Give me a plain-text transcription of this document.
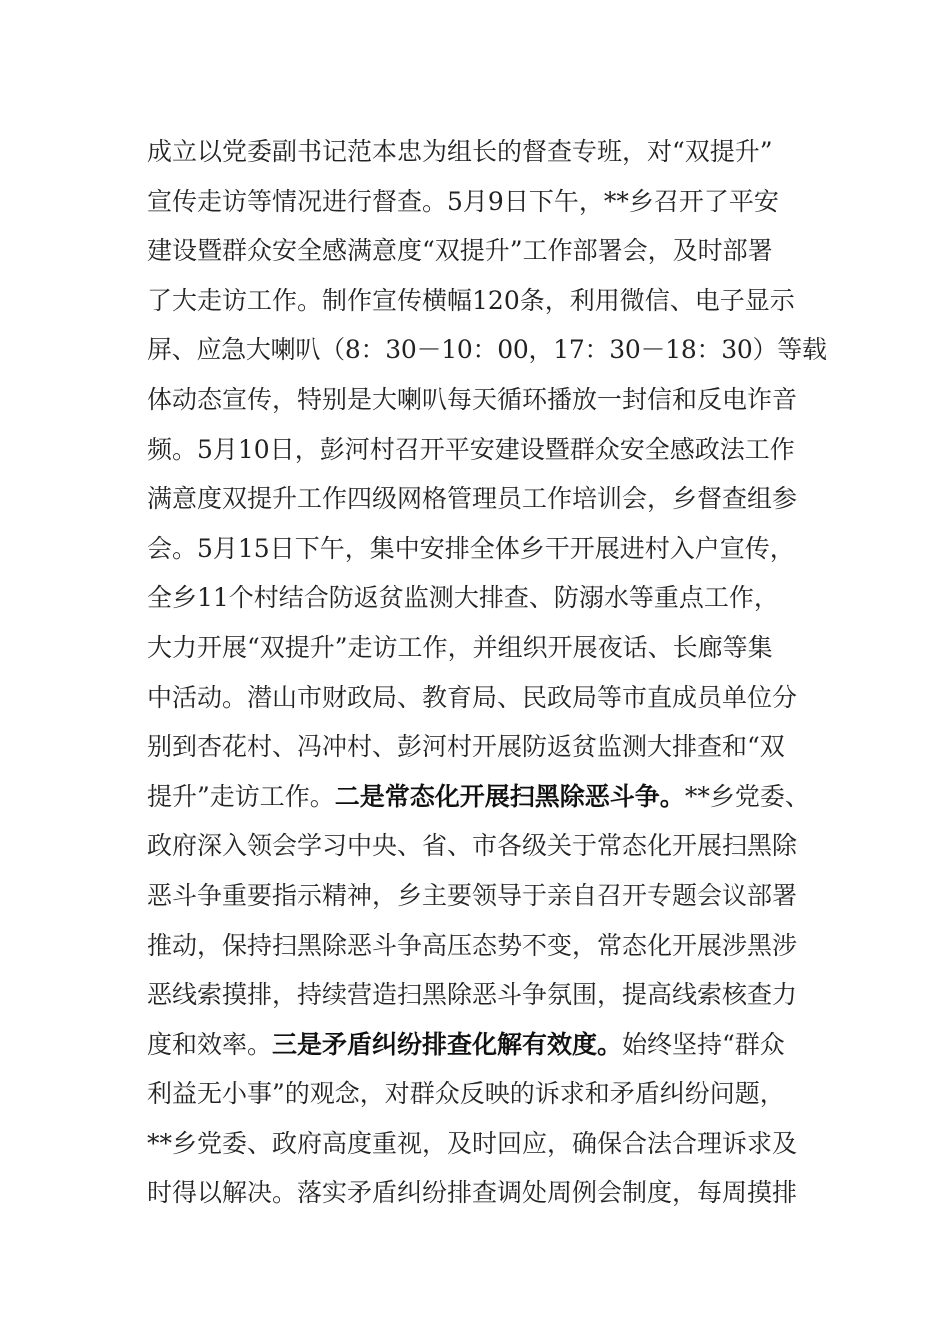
成立以党委副书记范本忠为组长的督查专班，对“双提升”
宣传走访等情况进行督查。5月9日下午，**乡召开了平安
建设暨群众安全感满意度“双提升”工作部署会，及时部署
了大走访工作。制作宣传横幅120条，利用微信、电子显示
屏、应急大喇叭（8：30－10：00，17：30－18：30）等载
体动态宣传，特别是大喇叭每天循环播放一封信和反电诈音
频。5月10日，彭河村召开平安建设暨群众安全感政法工作
满意度双提升工作四级网格管理员工作培训会，乡督查组参
会。5月15日下午，集中安排全体乡干开展进村入户宣传，
全乡11个村结合防返贫监测大排查、防溺水等重点工作，
大力开展“双提升”走访工作，并组织开展夜话、长廊等集
中活动。潜山市财政局、教育局、民政局等市直成员单位分
别到杏花村、冯冲村、彭河村开展防返贫监测大排查和“双
提升”走访工作。二是常态化开展扫黑除恶斗争。**乡党委、
政府深入领会学习中央、省、市各级关于常态化开展扫黑除
恶斗争重要指示精神，乡主要领导于亲自召开专题会议部署
推动，保持扫黑除恶斗争高压态势不变，常态化开展涉黑涉
恶线索摸排，持续营造扫黑除恶斗争氛围，提高线索核查力
度和效率。三是矛盾纠纷排查化解有效度。始终坚持“群众
利益无小事”的观念，对群众反映的诉求和矛盾纠纷问题，
**乡党委、政府高度重视，及时回应，确保合法合理诉求及
时得以解决。落实矛盾纠纷排查调处周例会制度，每周摸排
